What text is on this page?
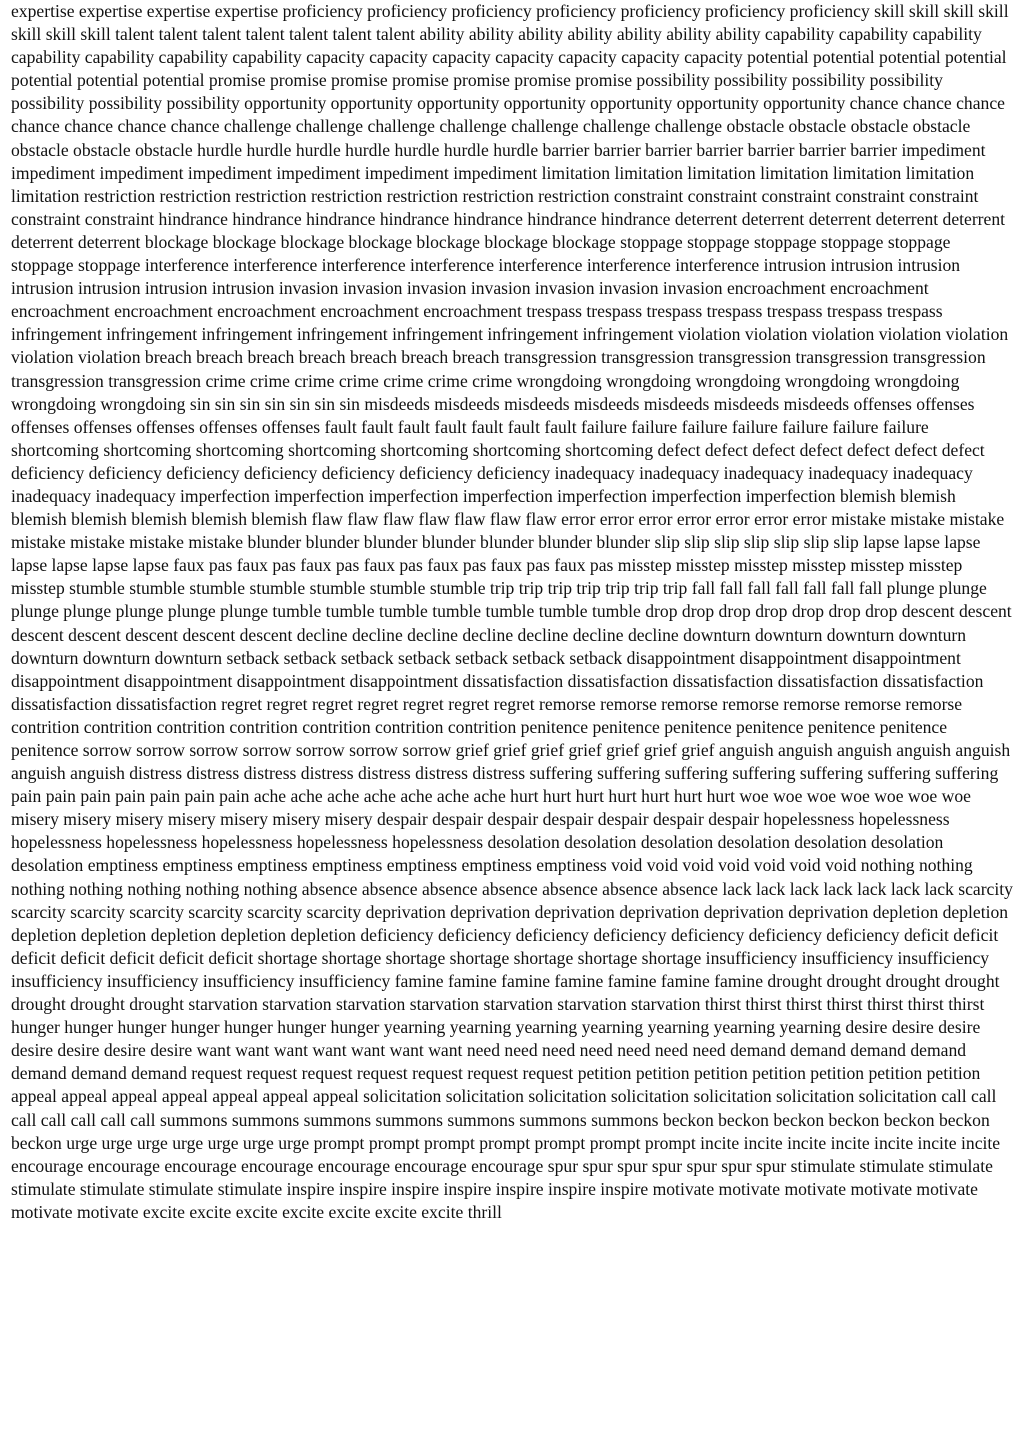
expertise expertise expertise expertise proficiency proficiency proficiency proficiency proficiency proficiency proficiency skill skill skill skill skill skill skill talent talent talent talent talent talent talent ability ability ability ability ability ability ability capability capability capability capability capability capability capability capacity capacity capacity capacity capacity capacity capacity potential potential potential potential potential potential potential promise promise promise promise promise promise promise possibility possibility possibility possibility possibility possibility possibility opportunity opportunity opportunity opportunity opportunity opportunity opportunity chance chance chance chance chance chance chance challenge challenge challenge challenge challenge challenge challenge obstacle obstacle obstacle obstacle obstacle obstacle obstacle hurdle hurdle hurdle hurdle hurdle hurdle hurdle barrier barrier barrier barrier barrier barrier barrier impediment impediment impediment impediment impediment impediment impediment limitation limitation limitation limitation limitation limitation limitation restriction restriction restriction restriction restriction restriction restriction constraint constraint constraint constraint constraint constraint constraint hindrance hindrance hindrance hindrance hindrance hindrance hindrance deterrent deterrent deterrent deterrent deterrent deterrent deterrent blockage blockage blockage blockage blockage blockage blockage stoppage stoppage stoppage stoppage stoppage stoppage stoppage interference interference interference interference interference interference interference intrusion intrusion intrusion intrusion intrusion intrusion intrusion invasion invasion invasion invasion invasion invasion invasion encroachment encroachment encroachment encroachment encroachment encroachment encroachment trespass trespass trespass trespass trespass trespass trespass infringement infringement infringement infringement infringement infringement infringement violation violation violation violation violation violation violation breach breach breach breach breach breach breach transgression transgression transgression transgression transgression transgression transgression crime crime crime crime crime crime crime wrongdoing wrongdoing wrongdoing wrongdoing wrongdoing wrongdoing wrongdoing sin sin sin sin sin sin sin misdeeds misdeeds misdeeds misdeeds misdeeds misdeeds misdeeds offenses offenses offenses offenses offenses offenses offenses fault fault fault fault fault fault fault failure failure failure failure failure failure failure shortcoming shortcoming shortcoming shortcoming shortcoming shortcoming shortcoming defect defect defect defect defect defect defect deficiency deficiency deficiency deficiency deficiency deficiency deficiency inadequacy inadequacy inadequacy inadequacy inadequacy inadequacy inadequacy imperfection imperfection imperfection imperfection imperfection imperfection imperfection blemish blemish blemish blemish blemish blemish blemish flaw flaw flaw flaw flaw flaw flaw error error error error error error error mistake mistake mistake mistake mistake mistake mistake blunder blunder blunder blunder blunder blunder blunder slip slip slip slip slip slip slip lapse lapse lapse lapse lapse lapse lapse faux pas faux pas faux pas faux pas faux pas faux pas faux pas misstep misstep misstep misstep misstep misstep misstep stumble stumble stumble stumble stumble stumble stumble trip trip trip trip trip trip trip fall fall fall fall fall fall fall plunge plunge plunge plunge plunge plunge plunge tumble tumble tumble tumble tumble tumble tumble drop drop drop drop drop drop drop descent descent descent descent descent descent descent decline decline decline decline decline decline decline downturn downturn downturn downturn downturn downturn downturn setback setback setback setback setback setback setback disappointment disappointment disappointment disappointment disappointment disappointment disappointment dissatisfaction dissatisfaction dissatisfaction dissatisfaction dissatisfaction dissatisfaction dissatisfaction regret regret regret regret regret regret regret remorse remorse remorse remorse remorse remorse remorse contrition contrition contrition contrition contrition contrition contrition penitence penitence penitence penitence penitence penitence penitence sorrow sorrow sorrow sorrow sorrow sorrow sorrow grief grief grief grief grief grief grief anguish anguish anguish anguish anguish anguish anguish distress distress distress distress distress distress distress suffering suffering suffering suffering suffering suffering suffering pain pain pain pain pain pain pain ache ache ache ache ache ache ache hurt hurt hurt hurt hurt hurt hurt woe woe woe woe woe woe woe misery misery misery misery misery misery misery despair despair despair despair despair despair despair hopelessness hopelessness hopelessness hopelessness hopelessness hopelessness hopelessness desolation desolation desolation desolation desolation desolation desolation emptiness emptiness emptiness emptiness emptiness emptiness emptiness void void void void void void void nothing nothing nothing nothing nothing nothing nothing absence absence absence absence absence absence absence lack lack lack lack lack lack lack scarcity scarcity scarcity scarcity scarcity scarcity scarcity deprivation deprivation deprivation deprivation deprivation deprivation depletion depletion depletion depletion depletion depletion depletion deficiency deficiency deficiency deficiency deficiency deficiency deficiency deficit deficit deficit deficit deficit deficit deficit shortage shortage shortage shortage shortage shortage shortage insufficiency insufficiency insufficiency insufficiency insufficiency insufficiency insufficiency famine famine famine famine famine famine famine drought drought drought drought drought drought drought starvation starvation starvation starvation starvation starvation starvation thirst thirst thirst thirst thirst thirst thirst hunger hunger hunger hunger hunger hunger hunger yearning yearning yearning yearning yearning yearning yearning desire desire desire desire desire desire desire want want want want want want want need need need need need need need demand demand demand demand demand demand demand request request request request request request request petition petition petition petition petition petition petition appeal appeal appeal appeal appeal appeal appeal solicitation solicitation solicitation solicitation solicitation solicitation solicitation call call call call call call call summons summons summons summons summons summons summons beckon beckon beckon beckon beckon beckon beckon urge urge urge urge urge urge urge prompt prompt prompt prompt prompt prompt prompt incite incite incite incite incite incite incite encourage encourage encourage encourage encourage encourage encourage spur spur spur spur spur spur spur stimulate stimulate stimulate stimulate stimulate stimulate stimulate inspire inspire inspire inspire inspire inspire inspire motivate motivate motivate motivate motivate motivate motivate excite excite excite excite excite excite excite thrill
